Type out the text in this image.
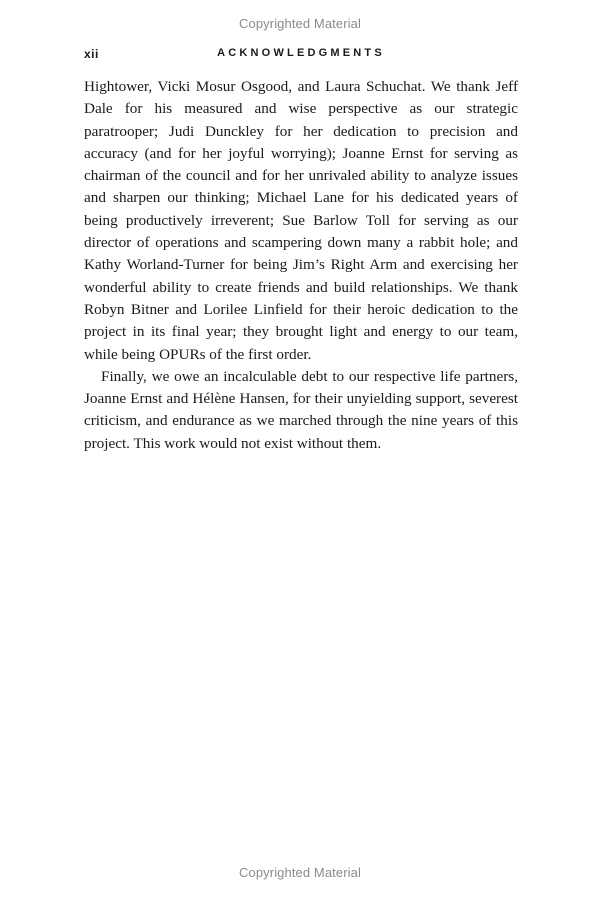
Copyrighted Material
xii	ACKNOWLEDGMENTS

Hightower, Vicki Mosur Osgood, and Laura Schuchat. We thank Jeff Dale for his measured and wise perspective as our strategic paratrooper; Judi Dunckley for her dedication to precision and accuracy (and for her joyful worrying); Joanne Ernst for serving as chairman of the council and for her unrivaled ability to analyze issues and sharpen our thinking; Michael Lane for his dedicated years of being productively irreverent; Sue Barlow Toll for serving as our director of operations and scampering down many a rabbit hole; and Kathy Worland-Turner for being Jim’s Right Arm and exercising her wonderful ability to create friends and build relationships. We thank Robyn Bitner and Lorilee Linfield for their heroic dedication to the project in its final year; they brought light and energy to our team, while being OPURs of the first order.

Finally, we owe an incalculable debt to our respective life partners, Joanne Ernst and Hélène Hansen, for their unyielding support, severest criticism, and endurance as we marched through the nine years of this project. This work would not exist without them.

Copyrighted Material
